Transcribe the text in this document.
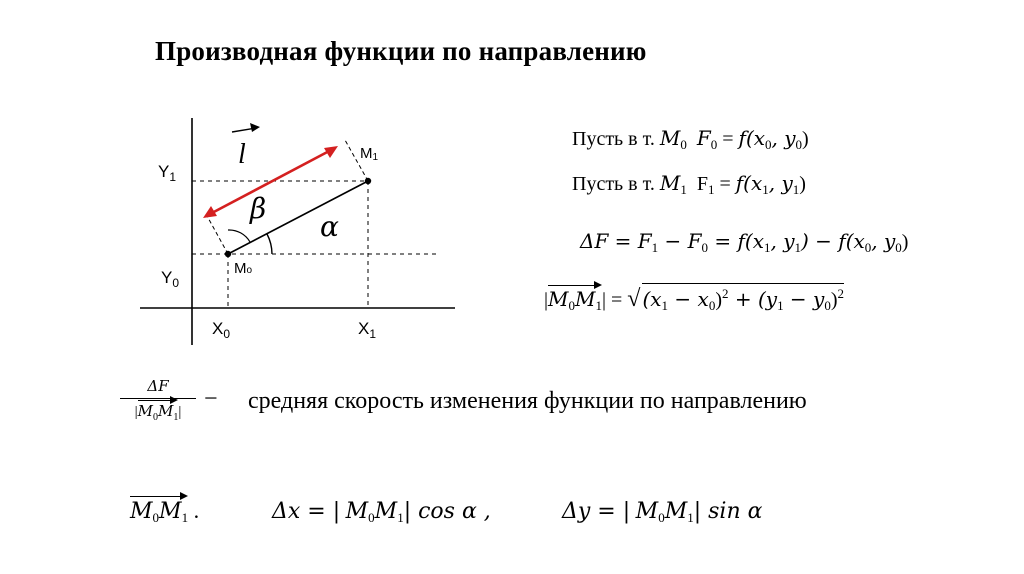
Производная функции по направлению
$Y_1$
$Y_0$
$X_0$	$X_1$
Mo
M1
l
β
α
Пусть в т. $M_0$ $F_0 = f(x_0$, $y_0$)
Пусть в т. $M_1$ $F_1 = f(x_1$, $y_1$)
$\Delta F = F_1 - F_0 = f(x_1$, $y_1) - f(x_0$, $y_0$)
$|M_0M_1|$ = √ $(x_1 - x_0)^2 + (y_1 - y_0)^2$
ΔF
$|M_0M_1|$ − средняя скорость изменения функции по направлению
$M_0M_1$ .	Δx = | $M_0M_1|$ cos α ,	Δy = | $M_0M_1|$ sin α
